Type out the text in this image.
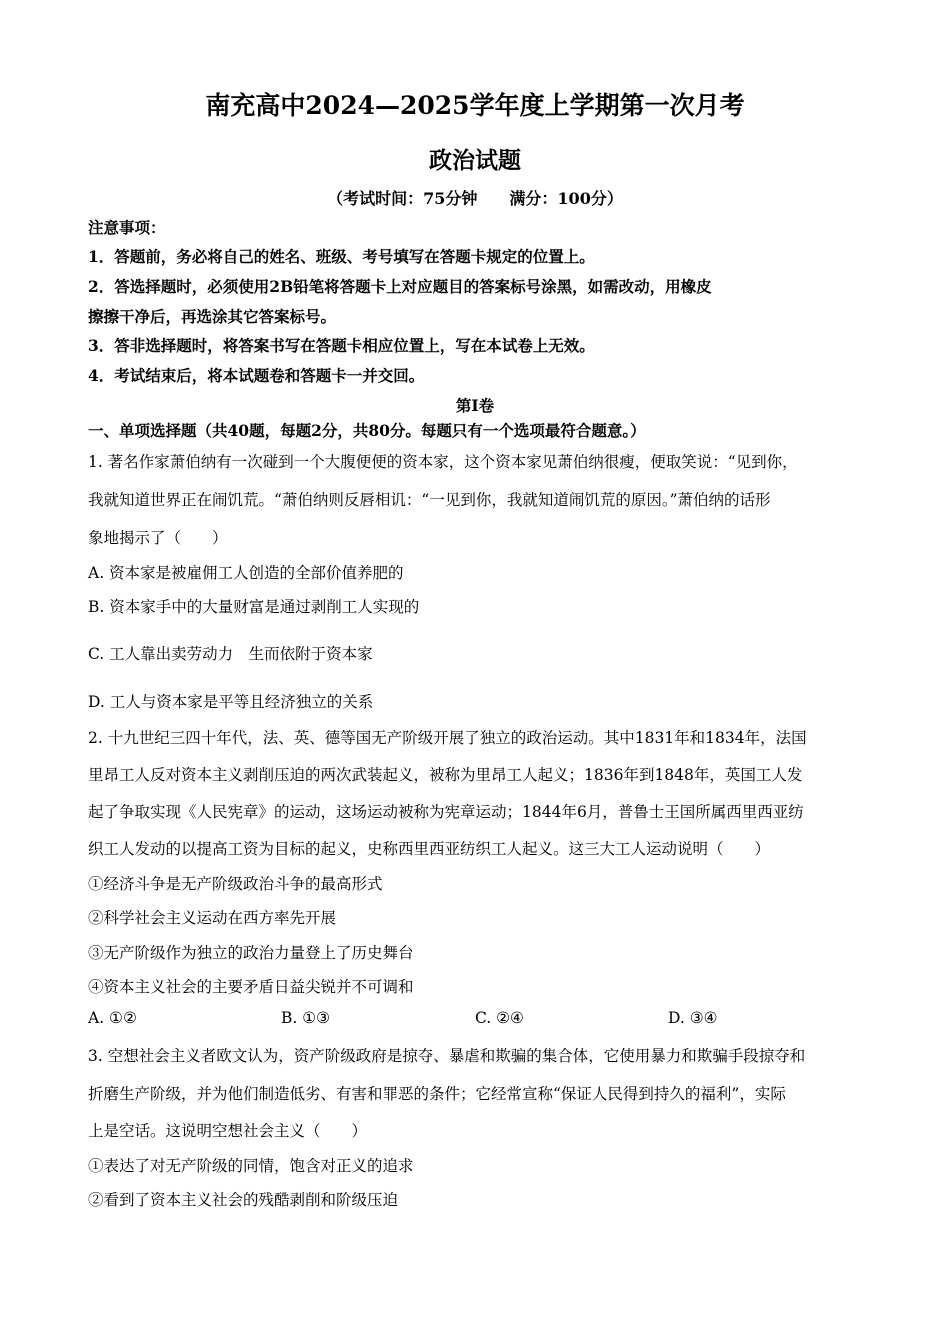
南充高中2024—2025学年度上学期第一次月考
政治试题
（考试时间：75分钟　　满分：100分）
注意事项：
1．答题前，务必将自己的姓名、班级、考号填写在答题卡规定的位置上。
2．答选择题时，必须使用2B铅笔将答题卡上对应题目的答案标号涂黑，如需改动，用橡皮
擦擦干净后，再选涂其它答案标号。
3．答非选择题时，将答案书写在答题卡相应位置上，写在本试卷上无效。
4．考试结束后，将本试题卷和答题卡一并交回。
第Ⅰ卷
一、单项选择题（共40题，每题2分，共80分。每题只有一个选项最符合题意。）
1. 著名作家萧伯纳有一次碰到一个大腹便便的资本家，这个资本家见萧伯纳很瘦，便取笑说：“见到你，
我就知道世界正在闹饥荒。“萧伯纳则反唇相讥：“一见到你，我就知道闹饥荒的原因。”萧伯纳的话形
象地揭示了（　　）
A. 资本家是被雇佣工人创造的全部价值养肥的
B. 资本家手中的大量财富是通过剥削工人实现的
C. 工人靠出卖劳动力　生而依附于资本家
D. 工人与资本家是平等且经济独立的关系
2. 十九世纪三四十年代，法、英、德等国无产阶级开展了独立的政治运动。其中1831年和1834年，法国
里昂工人反对资本主义剥削压迫的两次武装起义，被称为里昂工人起义；1836年到1848年，英国工人发
起了争取实现《人民宪章》的运动，这场运动被称为宪章运动；1844年6月，普鲁士王国所属西里西亚纺
织工人发动的以提高工资为目标的起义，史称西里西亚纺织工人起义。这三大工人运动说明（　　）
①经济斗争是无产阶级政治斗争的最高形式
②科学社会主义运动在西方率先开展
③无产阶级作为独立的政治力量登上了历史舞台
④资本主义社会的主要矛盾日益尖锐并不可调和
A. ①②	B. ①③	C. ②④	D. ③④
3. 空想社会主义者欧文认为，资产阶级政府是掠夺、暴虐和欺骗的集合体，它使用暴力和欺骗手段掠夺和
折磨生产阶级，并为他们制造低劣、有害和罪恶的条件；它经常宣称“保证人民得到持久的福利”，实际
上是空话。这说明空想社会主义（　　）
①表达了对无产阶级的同情，饱含对正义的追求
②看到了资本主义社会的残酷剥削和阶级压迫
